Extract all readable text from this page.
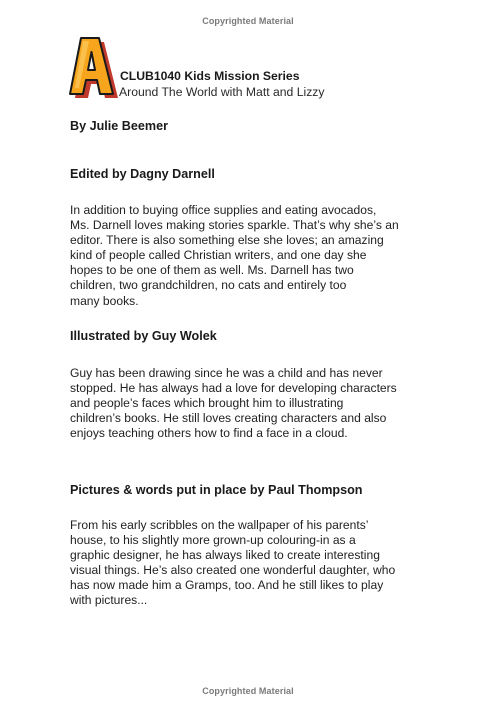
Copyrighted Material
CLUB1040 Kids Mission Series
Around The World with Matt and Lizzy
By Julie Beemer
Edited by Dagny Darnell
In addition to buying office supplies and eating avocados,
Ms. Darnell loves making stories sparkle. That’s why she’s an
editor. There is also something else she loves; an amazing
kind of people called Christian writers, and one day she
hopes to be one of them as well. Ms. Darnell has two
children, two grandchildren, no cats and entirely too
many books.
Illustrated by Guy Wolek
Guy has been drawing since he was a child and has never
stopped. He has always had a love for developing characters
and people’s faces which brought him to illustrating
children’s books. He still loves creating characters and also
enjoys teaching others how to find a face in a cloud.
Pictures & words put in place by Paul Thompson
From his early scribbles on the wallpaper of his parents’
house, to his slightly more grown-up colouring-in as a
graphic designer, he has always liked to create interesting
visual things. He’s also created one wonderful daughter, who
has now made him a Gramps, too. And he still likes to play
with pictures...
Copyrighted Material
